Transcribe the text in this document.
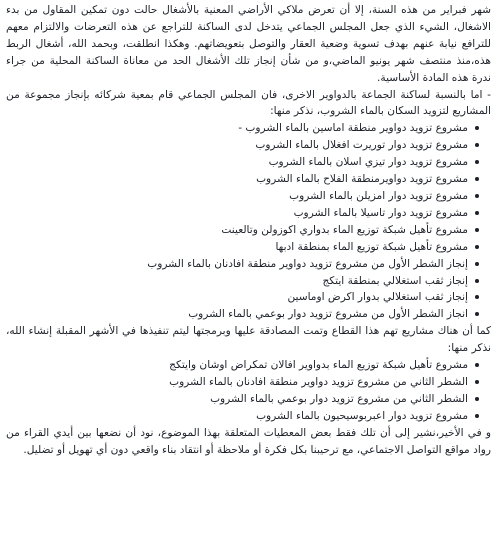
شهر فبراير من هذه السنة، إلا أن تعرض ملاكي الأراضي المعنية بالأشغال حالت دون تمكين المقاول من بدء الاشغال، الشيء الذي جعل المجلس الجماعي يتدخل لدى الساكنة للتراجع عن هذه التعرضات والالتزام معهم للترافع نيابة عنهم بهدف تسوية وضعية العقار والتوصل بتعويضاتهم. وهكذا انطلقت، وبحمد الله، أشغال الربط هذه،منذ منتصف شهر يونيو الماضي،و من شأن إنجاز تلك الأشغال الحد من معاناة الساكنة المحلية من جراء ندرة هذه المادة الأساسية.

- اما بالنسبة لساكنة الجماعة بالدواوير الاخرى، فان المجلس الجماعي قام بمعية شركائه بإنجاز مجموعة من المشاريع لتزويد السكان بالماء الشروب، نذكر منها:

مشروع تزويد دواوير منطقة اماسين بالماء الشروب -
مشروع تزويد دوار توريرت افغلال بالماء الشروب
مشروع تزويد دوار تيزي اسلان بالماء الشروب
مشروع تزويد دواويرمنطقة الفلاح بالماء الشروب
مشروع تزويد دوار امزيلن بالماء الشروب
مشروع تزويد دوار تاسيلا بالماء الشروب
مشروع تأهيل شبكة توزيع الماء بدواري اكوزولن وتالعينت
مشروع تأهيل شبكة توزيع الماء بمنطقة ادبها
إنجاز الشطر الأول من مشروع تزويد دواوير منطقة افادنان بالماء الشروب
إنجاز ثقب استغلالي بمنطقة ايتكج
إنجاز ثقب استغلالي بدوار اكرض اوماسين
انجاز الشطر الأول من مشروع تزويد دوار بوعمي بالماء الشروب

كما أن هناك مشاريع تهم هذا القطاع وتمت المصادقة عليها وبرمجتها ليتم تنفيذها في الأشهر المقبلة إنشاء الله، نذكر منها:

مشروع تأهيل شبكة توزيع الماء بدواوير افالان تمكراض اوشان وايتكج
الشطر الثاني من مشروع تزويد دواوير منطقة افادنان بالماء الشروب
الشطر الثاني من مشروع تزويد دوار بوعمي بالماء الشروب
مشروع تزويد دوار اعبربوسيحيون بالماء الشروب

و في الأخير،نشير إلى أن تلك فقط بعض المعطيات المتعلقة بهذا الموضوع، نود أن نضعها بين أيدي القراء من رواد مواقع التواصل الاجتماعي، مع ترحيبنا بكل فكرة أو ملاحظة أو انتقاد بناء واقعي دون أي تهويل أو تضليل.
